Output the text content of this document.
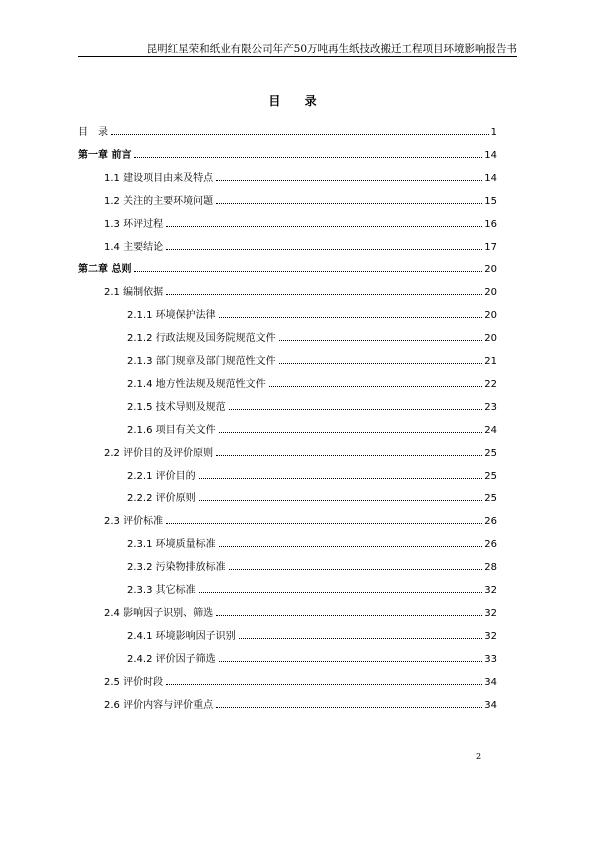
昆明红星荣和纸业有限公司年产50万吨再生纸技改搬迁工程项目环境影响报告书
目 录
目　录	1
第一章 前言	14
1.1 建设项目由来及特点	14
1.2 关注的主要环境问题	15
1.3 环评过程	16
1.4 主要结论	17
第二章 总则	20
2.1 编制依据	20
2.1.1 环境保护法律	20
2.1.2 行政法规及国务院规范文件	20
2.1.3 部门规章及部门规范性文件	21
2.1.4 地方性法规及规范性文件	22
2.1.5 技术导则及规范	23
2.1.6 项目有关文件	24
2.2 评价目的及评价原则	25
2.2.1 评价目的	25
2.2.2 评价原则	25
2.3 评价标准	26
2.3.1 环境质量标准	26
2.3.2 污染物排放标准	28
2.3.3 其它标准	32
2.4 影响因子识别、筛选	32
2.4.1 环境影响因子识别	32
2.4.2 评价因子筛选	33
2.5 评价时段	34
2.6 评价内容与评价重点	34
2
